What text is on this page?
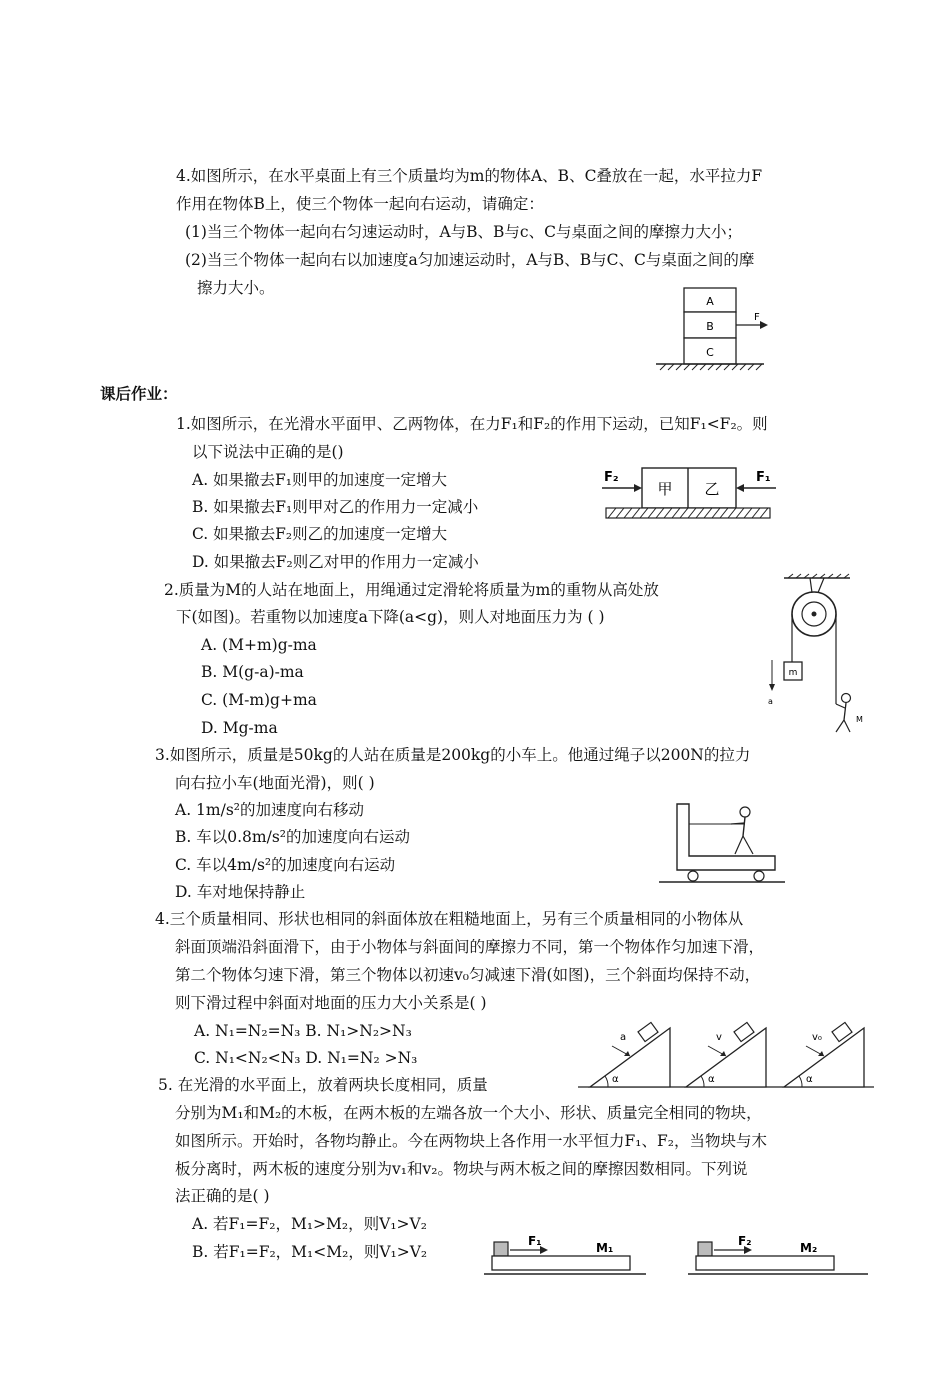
4.如图所示，在水平桌面上有三个质量均为m的物体A、B、C叠放在一起，水平拉力F
作用在物体B上，使三个物体一起向右运动，请确定：
(1)当三个物体一起向右匀速运动时，A与B、B与c、C与桌面之间的摩擦力大小；
(2)当三个物体一起向右以加速度a匀加速运动时，A与B、B与C、C与桌面之间的摩
擦力大小。
A
B
C
F
课后作业：
1.如图所示，在光滑水平面甲、乙两物体，在力F₁和F₂的作用下运动，已知F₁<F₂。则
以下说法中正确的是()
A. 如果撤去F₁则甲的加速度一定增大
B. 如果撤去F₁则甲对乙的作用力一定减小
C. 如果撤去F₂则乙的加速度一定增大
D. 如果撤去F₂则乙对甲的作用力一定减小
甲 乙
F₂	F₁
2.质量为M的人站在地面上，用绳通过定滑轮将质量为m的重物从高处放
下(如图)。若重物以加速度a下降(a<g)，则人对地面压力为 ( )
A. (M+m)g-ma
B. M(g-a)-ma
C. (M-m)g+ma
D. Mg-ma
m
a
M
3.如图所示，质量是50kg的人站在质量是200kg的小车上。他通过绳子以200N的拉力
向右拉小车(地面光滑)，则( )
A. 1m/s²的加速度向右移动
B. 车以0.8m/s²的加速度向右运动
C. 车以4m/s²的加速度向右运动
D. 车对地保持静止
4.三个质量相同、形状也相同的斜面体放在粗糙地面上，另有三个质量相同的小物体从
斜面顶端沿斜面滑下，由于小物体与斜面间的摩擦力不同，第一个物体作匀加速下滑，
第二个物体匀速下滑，第三个物体以初速v₀匀减速下滑(如图)，三个斜面均保持不动，
则下滑过程中斜面对地面的压力大小关系是( )
A. N₁=N₂=N₃ B. N₁>N₂>N₃
C. N₁<N₂<N₃ D. N₁=N₂ >N₃
α
a
α
v
α
v₀
5. 在光滑的水平面上，放着两块长度相同，质量
分别为M₁和M₂的木板，在两木板的左端各放一个大小、形状、质量完全相同的物块，
如图所示。开始时，各物均静止。今在两物块上各作用一水平恒力F₁、F₂，当物块与木
板分离时，两木板的速度分别为v₁和v₂。物块与两木板之间的摩擦因数相同。下列说
法正确的是( )
A. 若F₁=F₂，M₁>M₂，则V₁>V₂
B. 若F₁=F₂，M₁<M₂，则V₁>V₂
F₁	M₁	F₂	M₂
